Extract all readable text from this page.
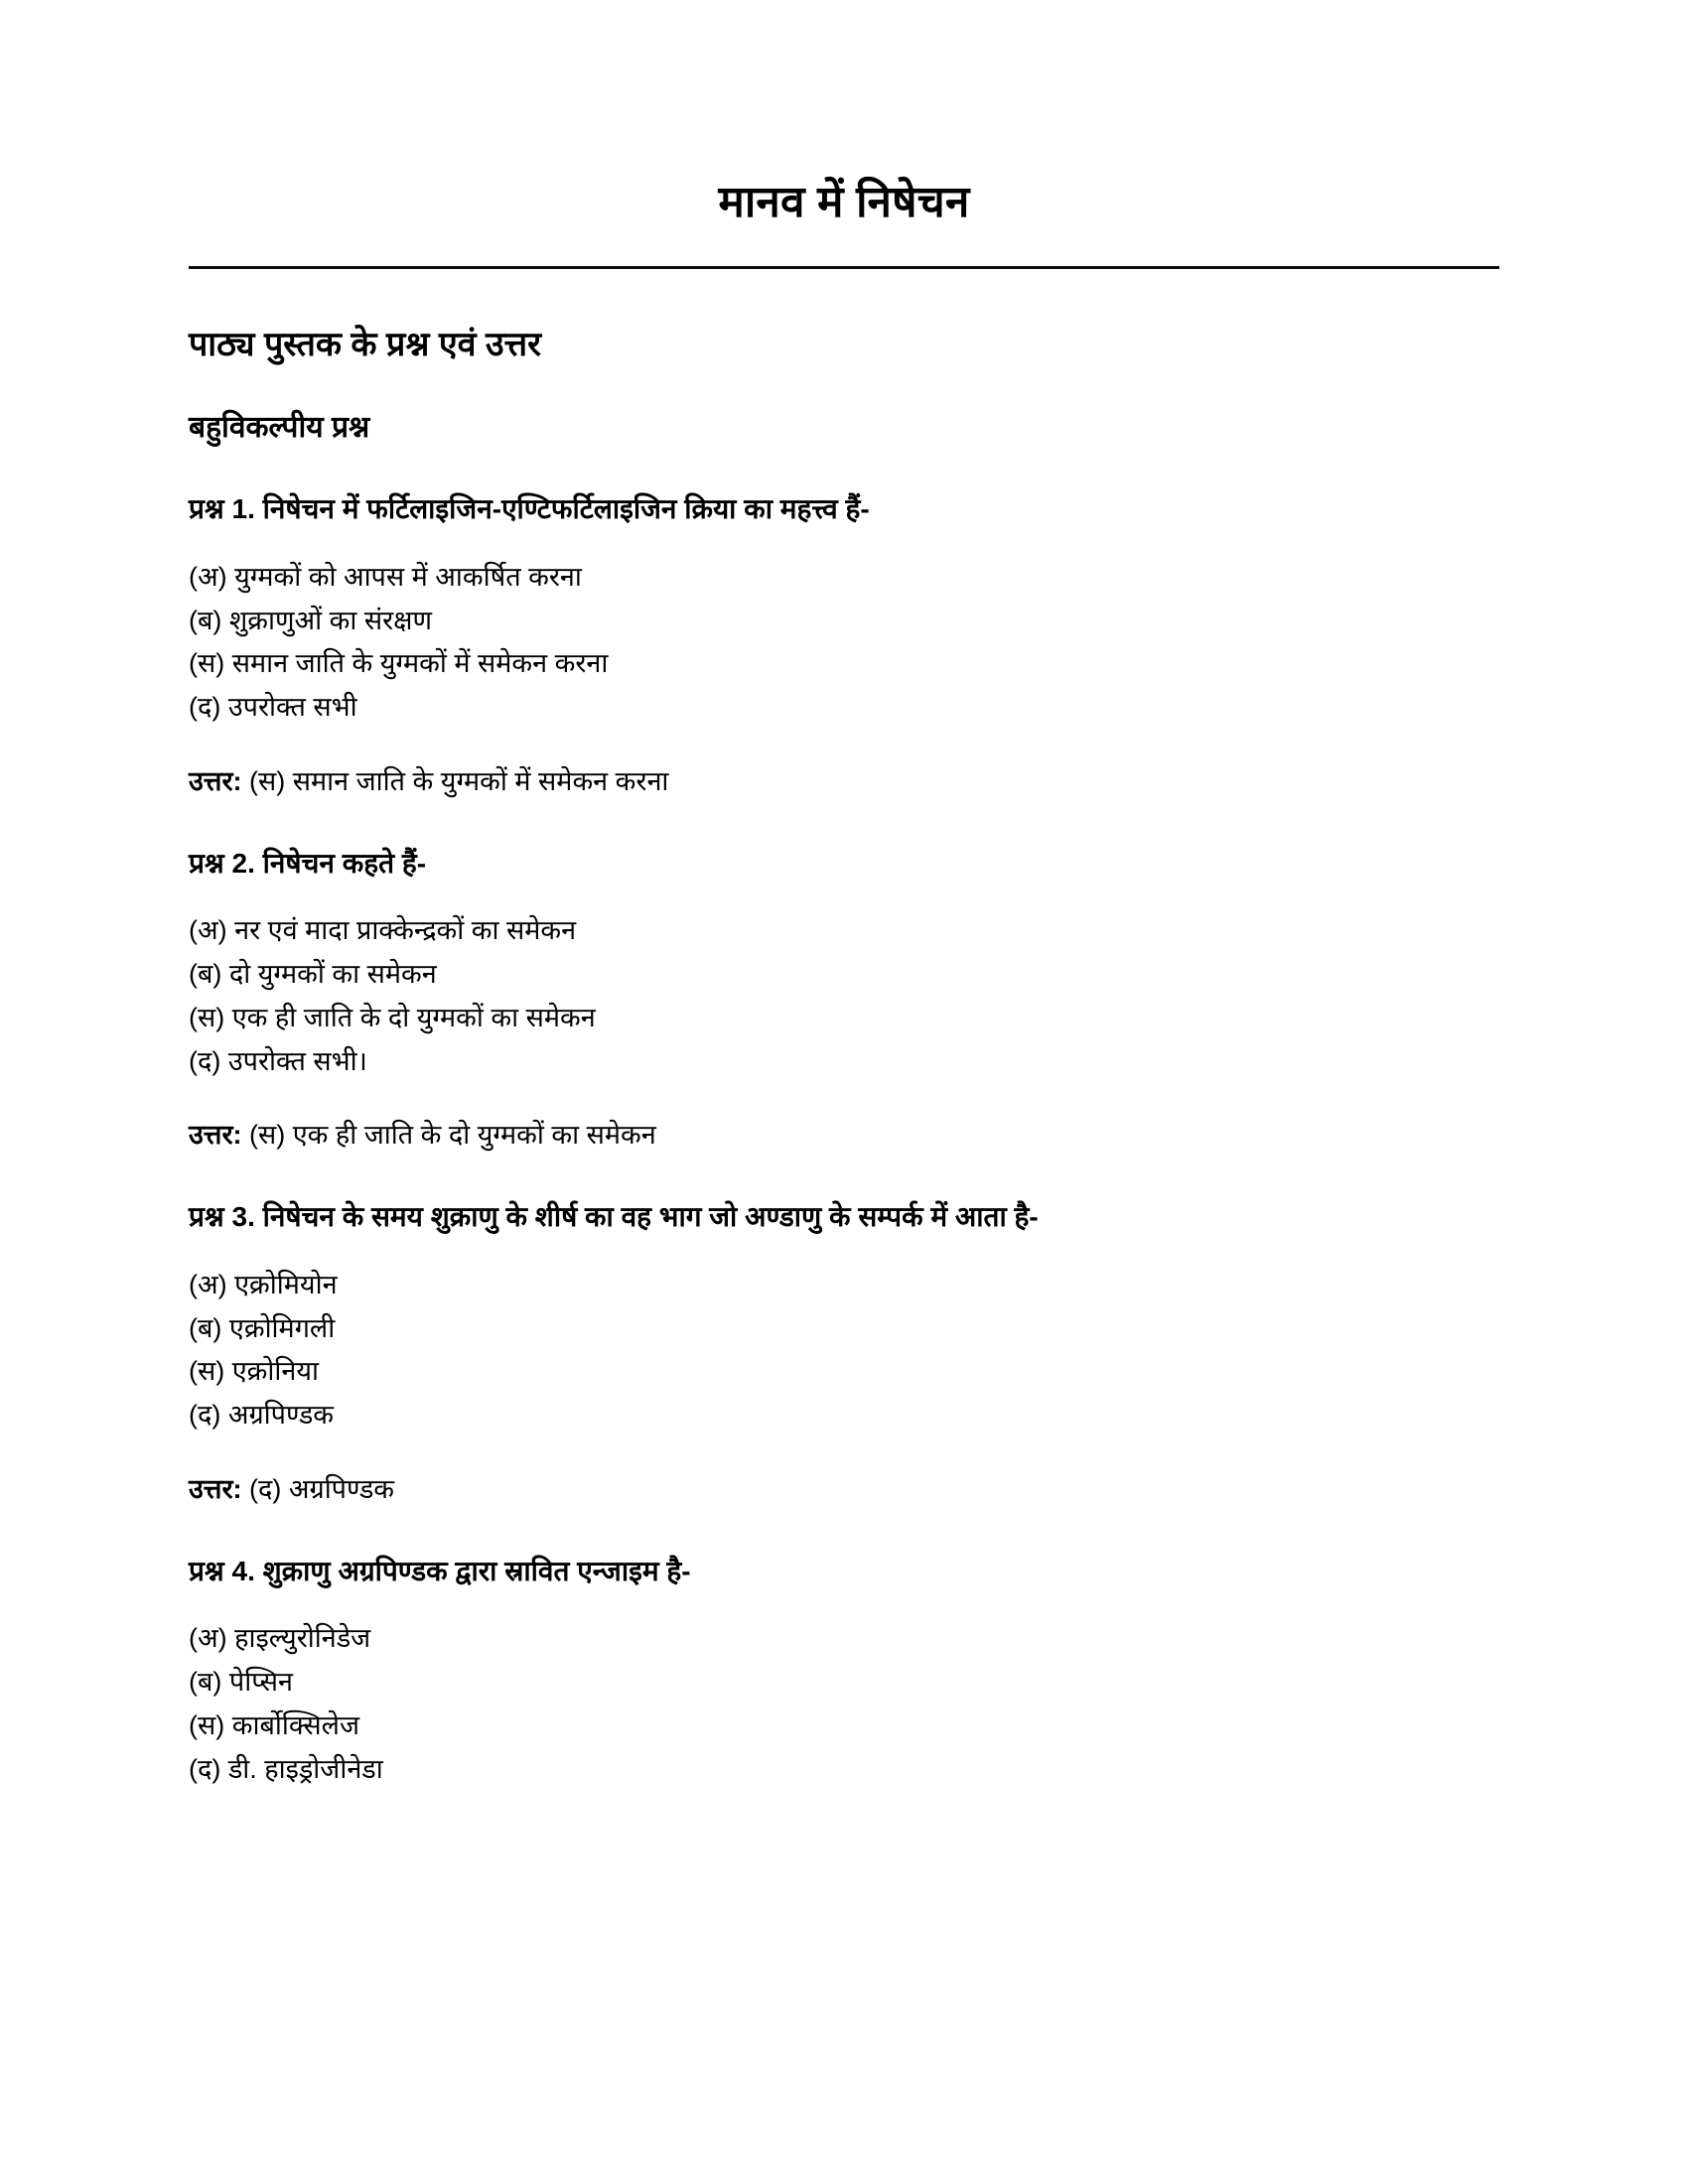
मानव में निषेचन
पाठ्य पुस्तक के प्रश्न एवं उत्तर
बहुविकल्पीय प्रश्न

प्रश्न 1. निषेचन में फर्टिलाइजिन-एण्टिफर्टिलाइजिन क्रिया का महत्त्व हैं-

(अ) युग्मकों को आपस में आकर्षित करना
(ब) शुक्राणुओं का संरक्षण
(स) समान जाति के युग्मकों में समेकन करना
(द) उपरोक्त सभी

उत्तर: (स) समान जाति के युग्मकों में समेकन करना

प्रश्न 2. निषेचन कहते हैं-

(अ) नर एवं मादा प्राक्केन्द्रकों का समेकन
(ब) दो युग्मकों का समेकन
(स) एक ही जाति के दो युग्मकों का समेकन
(द) उपरोक्त सभी।

उत्तर: (स) एक ही जाति के दो युग्मकों का समेकन

प्रश्न 3. निषेचन के समय शुक्राणु के शीर्ष का वह भाग जो अण्डाणु के सम्पर्क में आता है-

(अ) एक्रोमियोन
(ब) एक्रोमिगली
(स) एक्रोनिया
(द) अग्रपिण्डक

उत्तर: (द) अग्रपिण्डक

प्रश्न 4. शुक्राणु अग्रपिण्डक द्वारा स्रावित एन्जाइम है-

(अ) हाइल्युरोनिडेज
(ब) पेप्सिन
(स) कार्बोक्सिलेज
(द) डी. हाइड्रोजीनेडा
